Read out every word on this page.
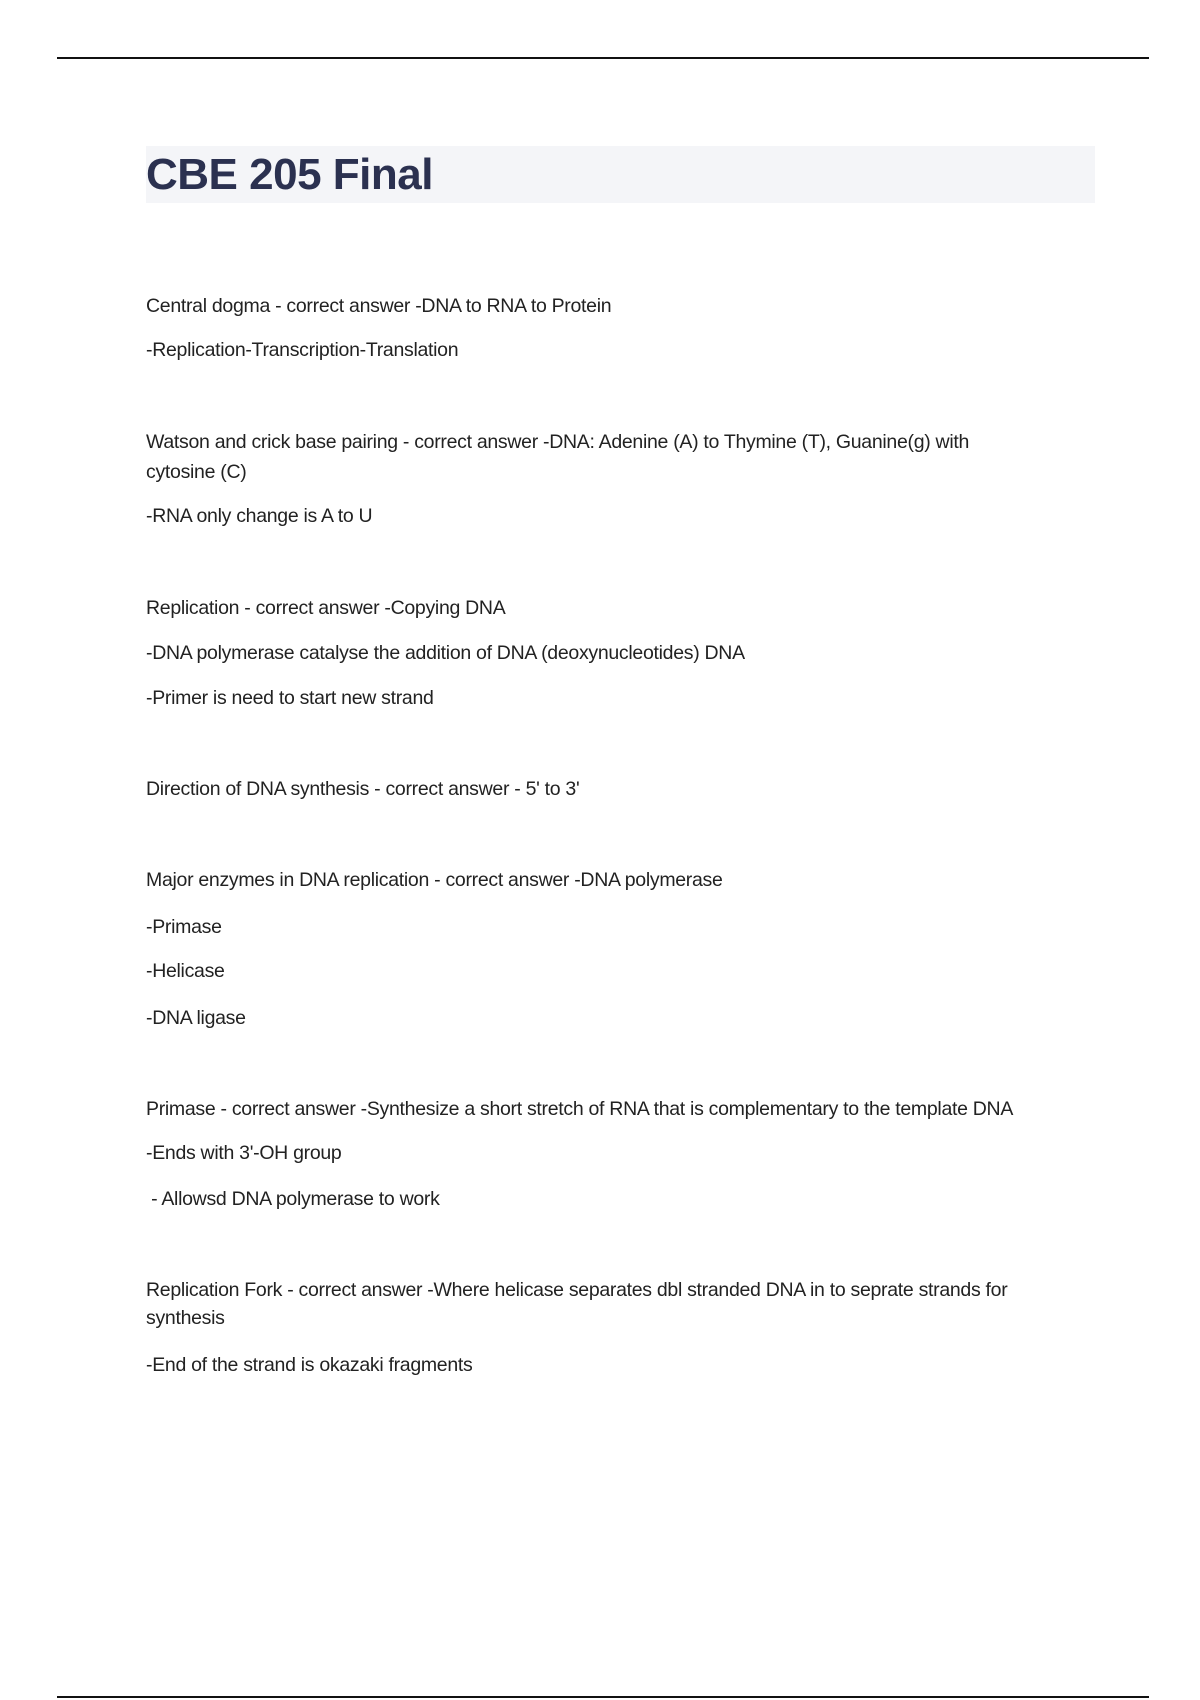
CBE 205 Final
Central dogma - correct answer -DNA to RNA to Protein
-Replication-Transcription-Translation
Watson and crick base pairing - correct answer -DNA: Adenine (A) to Thymine (T), Guanine(g) with
cytosine (C)
-RNA only change is A to U
Replication - correct answer -Copying DNA
-DNA polymerase catalyse the addition of DNA (deoxynucleotides) DNA
-Primer is need to start new strand
Direction of DNA synthesis - correct answer - 5' to 3'
Major enzymes in DNA replication - correct answer -DNA polymerase
-Primase
-Helicase
-DNA ligase
Primase - correct answer -Synthesize a short stretch of RNA that is complementary to the template DNA
-Ends with 3'-OH group
- Allowsd DNA polymerase to work
Replication Fork - correct answer -Where helicase separates dbl stranded DNA in to seprate strands for
synthesis
-End of the strand is okazaki fragments
